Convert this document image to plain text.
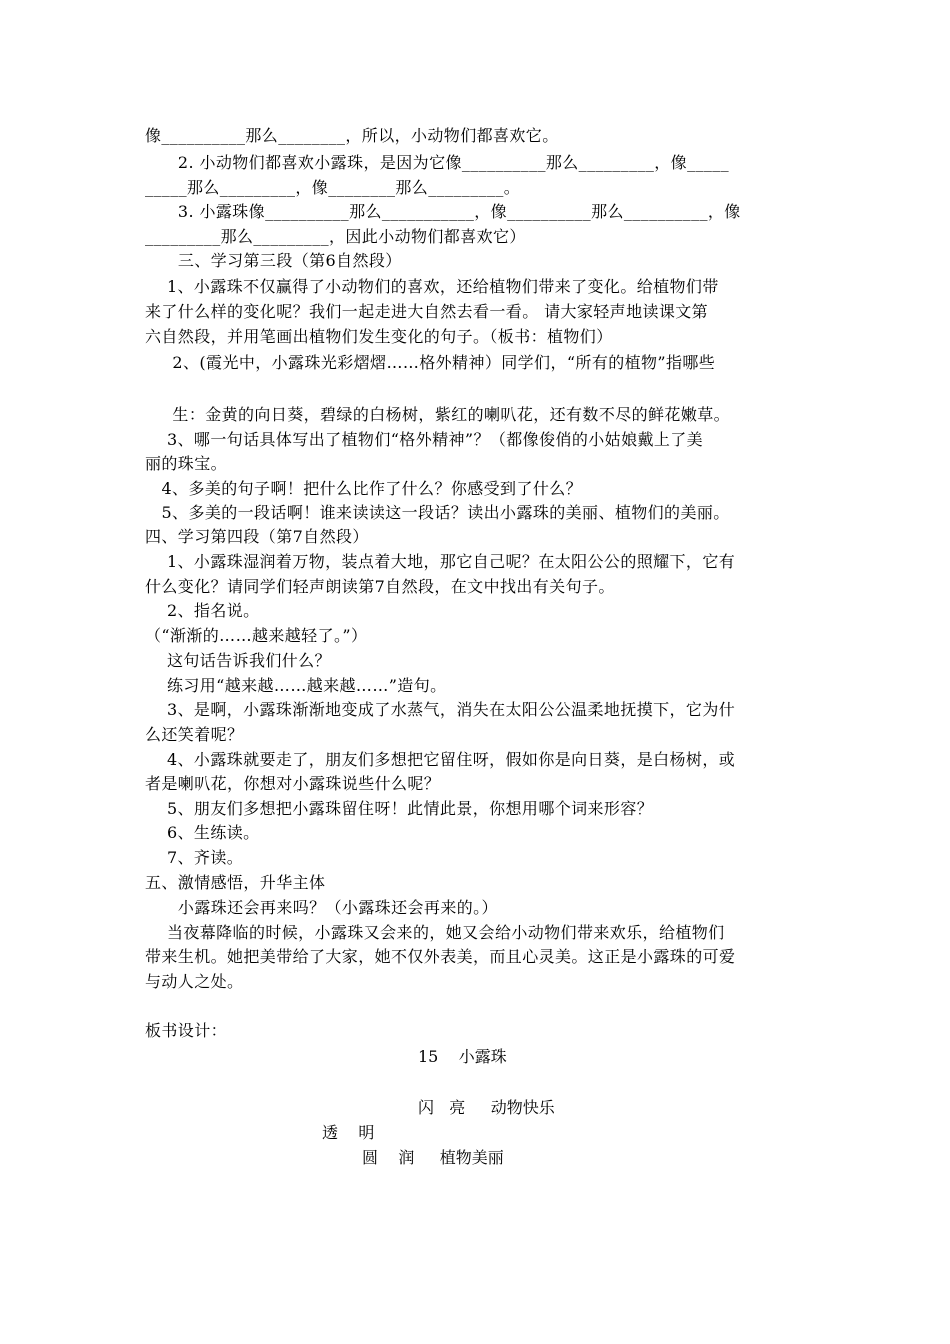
像__________那么________，所以，小动物们都喜欢它。
2. 小动物们都喜欢小露珠，是因为它像__________那么_________，像_____
_____那么_________，像________那么_________。
3. 小露珠像__________那么___________，像__________那么__________，像
_________那么_________，因此小动物们都喜欢它）
三、学习第三段（第6自然段）
1、小露珠不仅赢得了小动物们的喜欢，还给植物们带来了变化。给植物们带
来了什么样的变化呢？我们一起走进大自然去看一看。 请大家轻声地读课文第
六自然段，并用笔画出植物们发生变化的句子。（板书：植物们）
2、(霞光中，小露珠光彩熠熠……格外精神）同学们，“所有的植物”指哪些
生：金黄的向日葵，碧绿的白杨树，紫红的喇叭花，还有数不尽的鲜花嫩草。
3、哪一句话具体写出了植物们“格外精神”？（都像俊俏的小姑娘戴上了美
丽的珠宝。
4、多美的句子啊！把什么比作了什么？你感受到了什么？
5、多美的一段话啊！谁来读读这一段话？读出小露珠的美丽、植物们的美丽。
四、学习第四段（第7自然段）
1、小露珠湿润着万物，装点着大地，那它自己呢？在太阳公公的照耀下，它有
什么变化？请同学们轻声朗读第7自然段，在文中找出有关句子。
2、指名说。
（“渐渐的……越来越轻了。”）
这句话告诉我们什么？
练习用“越来越……越来越……”造句。
3、是啊，小露珠渐渐地变成了水蒸气，消失在太阳公公温柔地抚摸下，它为什
么还笑着呢？
4、小露珠就要走了，朋友们多想把它留住呀，假如你是向日葵，是白杨树，或
者是喇叭花，你想对小露珠说些什么呢？
5、朋友们多想把小露珠留住呀！此情此景，你想用哪个词来形容？
6、生练读。
7、齐读。
五、激情感悟，升华主体
小露珠还会再来吗？（小露珠还会再来的。）
当夜幕降临的时候，小露珠又会来的，她又会给小动物们带来欢乐，给植物们
带来生机。她把美带给了大家，她不仅外表美，而且心灵美。这正是小露珠的可爱
与动人之处。
板书设计：
15    小露珠
闪   亮     动物快乐
透    明
圆    润     植物美丽
